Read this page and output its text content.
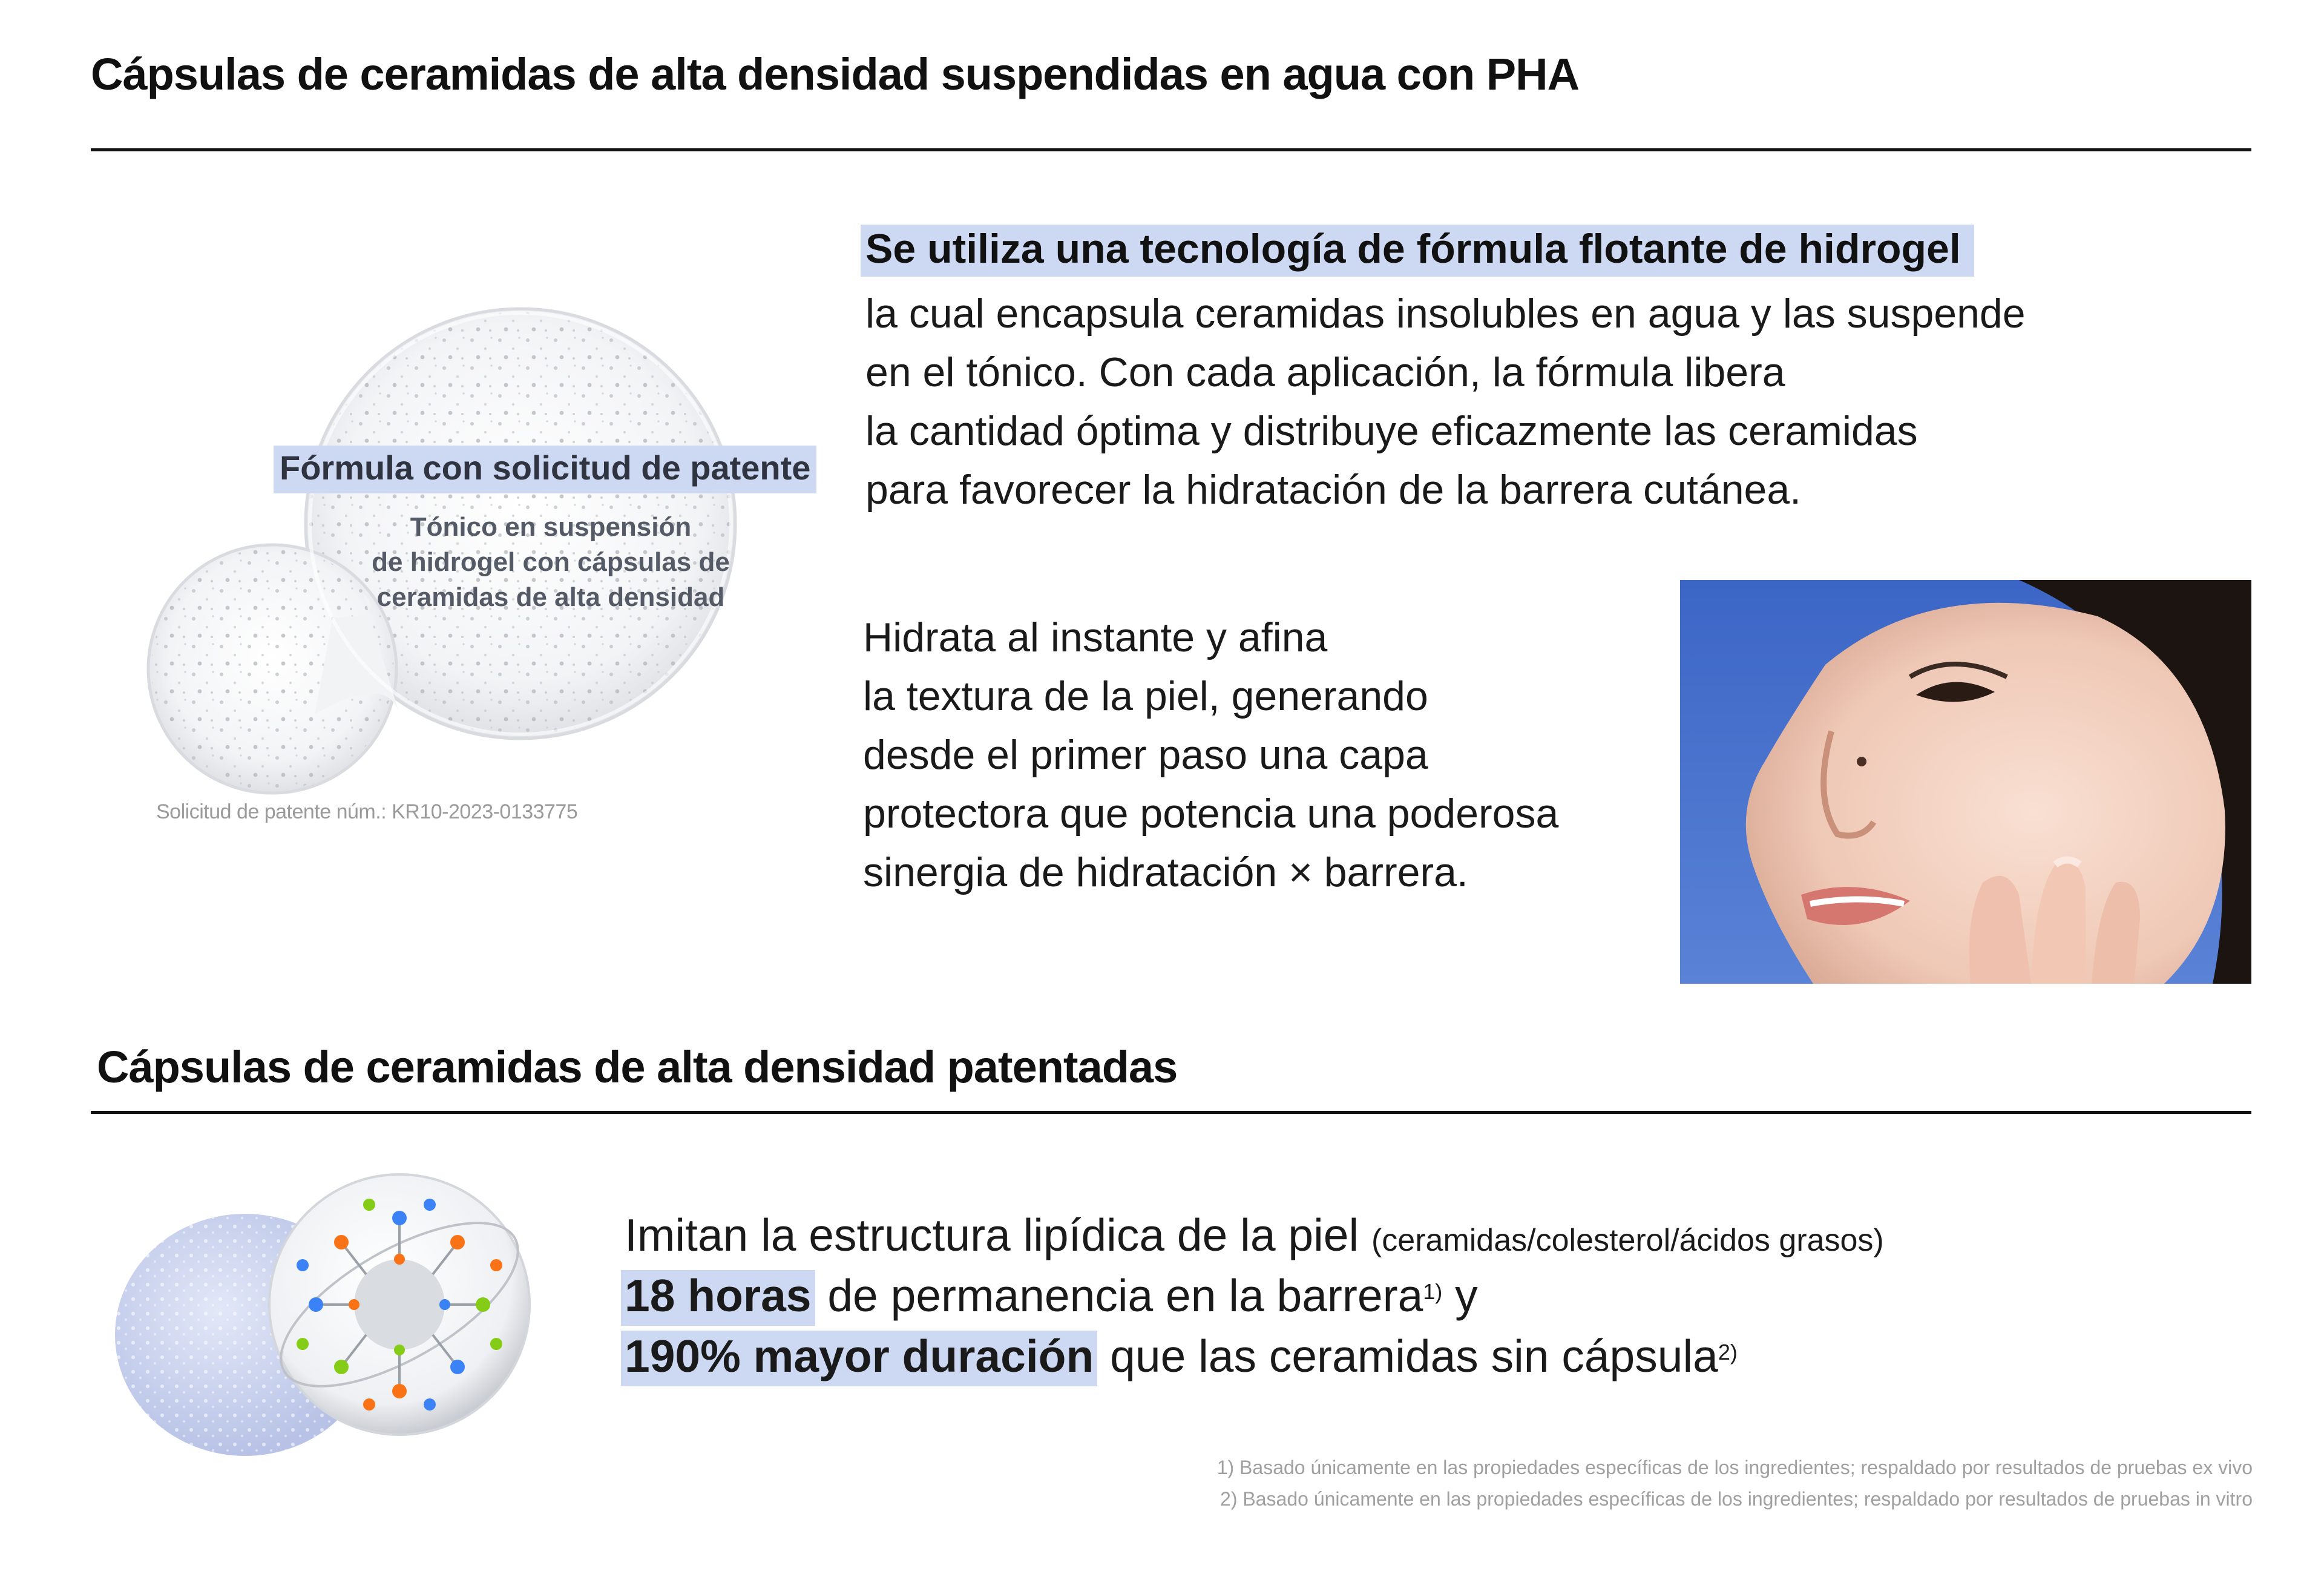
Cápsulas de ceramidas de alta densidad suspendidas en agua con PHA
Fórmula con solicitud de patente
Tónico en suspensión
de hidrogel con cápsulas de
ceramidas de alta densidad
Solicitud de patente núm.: KR10-2023-0133775
Se utiliza una tecnología de fórmula flotante de hidrogel
la cual encapsula ceramidas insolubles en agua y las suspende
en el tónico. Con cada aplicación, la fórmula libera
la cantidad óptima y distribuye eficazmente las ceramidas
para favorecer la hidratación de la barrera cutánea.
Hidrata al instante y afina
la textura de la piel, generando
desde el primer paso una capa
protectora que potencia una poderosa
sinergia de hidratación × barrera.
Cápsulas de ceramidas de alta densidad patentadas
Imitan la estructura lipídica de la piel (ceramidas/colesterol/ácidos grasos)
18 horas de permanencia en la barrera$^{1)}$ y
190% mayor duración que las ceramidas sin cápsula$^{2)}$
1) Basado únicamente en las propiedades específicas de los ingredientes; respaldado por resultados de pruebas ex vivo
2) Basado únicamente en las propiedades específicas de los ingredientes; respaldado por resultados de pruebas in vitro
